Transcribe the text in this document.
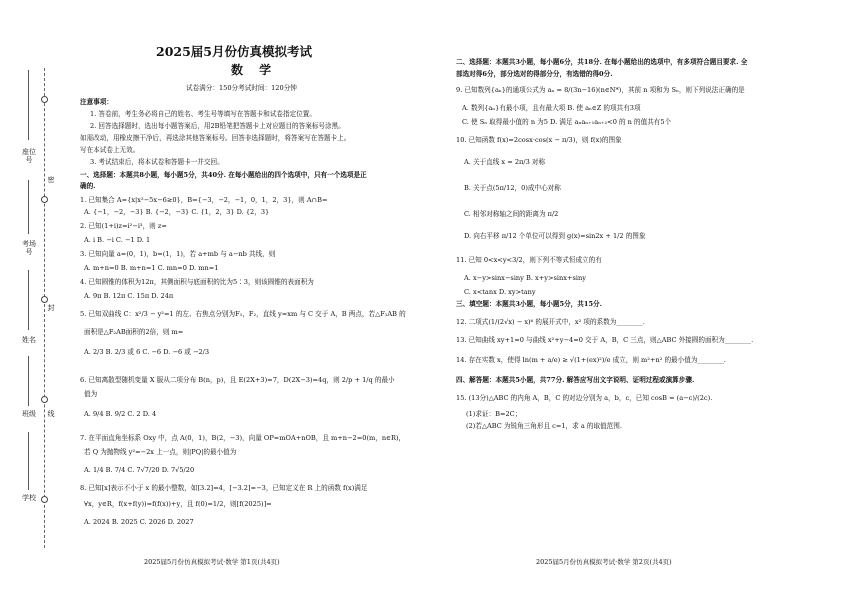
座位号
考场号
姓名
班级
学校
密
封
线
2025届5月份仿真模拟考试
数 学
试卷满分：150分考试时间：120分钟
注意事项：
1. 答卷前，考生务必将自己的姓名、考生号等填写在答题卡和试卷指定位置。
2. 回答选择题时，选出每小题答案后，用2B铅笔把答题卡上对应题目的答案标号涂黑。
如需改动，用橡皮擦干净后，再选涂其他答案标号。回答非选择题时，将答案写在答题卡上。
写在本试卷上无效。
3. 考试结束后，将本试卷和答题卡一并交回。
一、选择题：本题共8小题，每小题5分，共40分. 在每小题给出的四个选项中，只有一个选项是正
确的.
1. 已知集合 A={x|x²−5x−6≥0}，B={−3，−2，−1，0，1，2，3}，则 A∩B=
A. {−1，−2，−3} B. {−2，−3} C. {1，2，3} D. {2，3}
2. 已知(1+i)z=i²−i³，则 z=
A. i B. −i C. −1 D. 1
3. 已知向量 a=(0，1)，b=(1，1)，若 a+mb 与 a−nb 共线，则
A. m+n=0 B. m+n=1 C. mn=0 D. mn=1
4. 已知圆锥的体积为12π，其侧面积与底面积的比为5∶3，则该圆锥的表面积为
A. 9π B. 12π C. 15π D. 24π
5. 已知双曲线 C：x²/3 − y²=1 的左、右焦点分别为F₁，F₂，直线 y=xm 与 C 交于 A，B 两点，若△F₁AB 的
面积是△F₂AB面积的2倍，则 m=
A. 2/3 B. 2/3 或 6 C. −6 D. −6 或 −2/3
6. 已知离散型随机变量 X 服从二项分布 B(n，p)，且 E(2X+3)=7，D(2X−3)=4q，则 2/p + 1/q 的最小
值为
A. 9/4 B. 9/2 C. 2 D. 4
7. 在平面直角坐标系 Oxy 中，点 A(0，1)，B(2，−3)，向量 OP=mOA+nOB，且 m+n−2=0(m，n∈R)，
若 Q 为抛物线 y²=−2x 上一点，则|PQ|的最小值为
A. 1/4 B. 7/4 C. 7√7/20 D. 7√5/20
8. 已知[x]表示不小于 x 的最小整数，如[3.2]=4，[−3.2]=−3，已知定义在 R 上的函数 f(x)满足
∀x，y∈R，f(x+f(y))=f(f(x))+y，且 f(0)=1/2，则[f(2025)]=
A. 2024 B. 2025 C. 2026 D. 2027
2025届5月份仿真模拟考试·数学 第1页(共4页)
二、选择题：本题共3小题，每小题6分，共18分. 在每小题给出的选项中，有多项符合题目要求. 全
部选对得6分，部分选对的得部分分，有选错的得0分.
9. 已知数列{aₙ}的通项公式为 aₙ = 8/(3n−16)(n∈N*)，其前 n 项和为 Sₙ，则下列说法正确的是
A. 数列{aₙ}有最小项，且有最大项 B. 使 aₙ∈Z 的项共有3项
C. 使 Sₙ 取得最小值的 n 为5 D. 满足 aₙaₙ₊₁aₙ₊₂<0 的 n 的值共有5个
10. 已知函数 f(x)=2cosx·cos(x − π/3)，则 f(x)的图象
A. 关于直线 x = 2π/3 对称
B. 关于点(5π/12，0)成中心对称
C. 相邻对称轴之间的距离为 π/2
D. 向右平移 π/12 个单位可以得到 g(x)=sin2x + 1/2 的图象
11. 已知 0<x<y<3/2，则下列不等式恒成立的有
A. x−y>sinx−siny B. x+y>sinx+siny
C. x<tanx D. xy>tany
三、填空题：本题共3小题，每小题5分，共15分.
12. 二项式(1/(2√x) − x)⁶ 的展开式中，x² 项的系数为________.
13. 已知曲线 xy+1=0 与曲线 x²+y−4=0 交于 A，B，C 三点，则△ABC 外接圆的面积为________.
14. 存在实数 x，使得 ln(m + a/e) ≥ √(1+(ex)²)/e 成立，则 m²+n² 的最小值为________.
四、解答题：本题共5小题，共77分. 解答应写出文字说明、证明过程或演算步骤.
15. (13分)△ABC 的内角 A，B，C 的对边分别为 a，b，c，已知 cosB = (a−c)/(2c).
(1)求证：B=2C；
(2)若△ABC 为锐角三角形且 c=1，求 a 的取值范围.
2025届5月份仿真模拟考试·数学 第2页(共4页)
